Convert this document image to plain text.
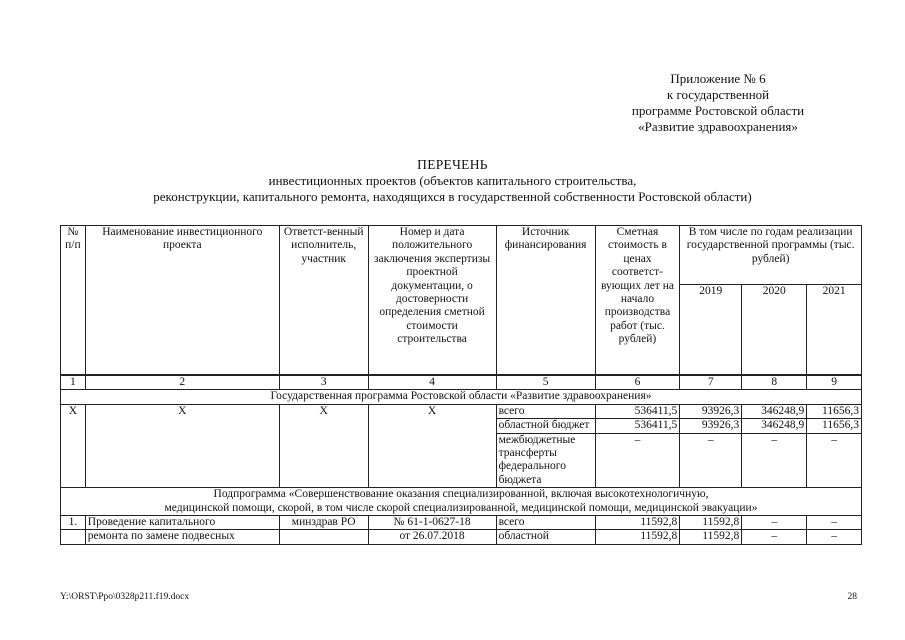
Приложение № 6
к государственной
программе Ростовской области
«Развитие здравоохранения»
ПЕРЕЧЕНЬ
инвестиционных проектов (объектов капитального строительства,
реконструкции, капитального ремонта, находящихся в государственной собственности Ростовской области)
№ п/п	Наименование инвестиционного проекта	Ответст-венный исполнитель, участник	Номер и дата положительного заключения экспертизы проектной документации, о достоверности определения сметной стоимости строительства	Источник финансирования	Сметная стоимость в ценах соответст-вующих лет на начало производства работ (тыс. рублей)	В том числе по годам реализации государственной программы (тыс. рублей)		
						2019	2020	2021
1	2	3	4	5	6	7	8	9
Государственная программа Ростовской области «Развитие здравоохранения»								
Х	Х	Х	Х	всего	536411,5	93926,3	346248,9	11656,3
				областной бюджет	536411,5	93926,3	346248,9	11656,3
				межбюджетные трансферты федерального бюджета	–	–	–	–

Подпрограмма «Совершенствование оказания специализированной, включая высокотехнологичную,
медицинской помощи, скорой, в том числе скорой специализированной, медицинской помощи, медицинской эвакуации»								

1.	Проведение капитального	минздрав РО	№ 61-1-0627-18	всего	11592,8	11592,8	–	–
	ремонта по замене подвесных		от 26.07.2018	областной	11592,8	11592,8	–	–
Y:\ORST\Ppo\0328p211.f19.docx	28
